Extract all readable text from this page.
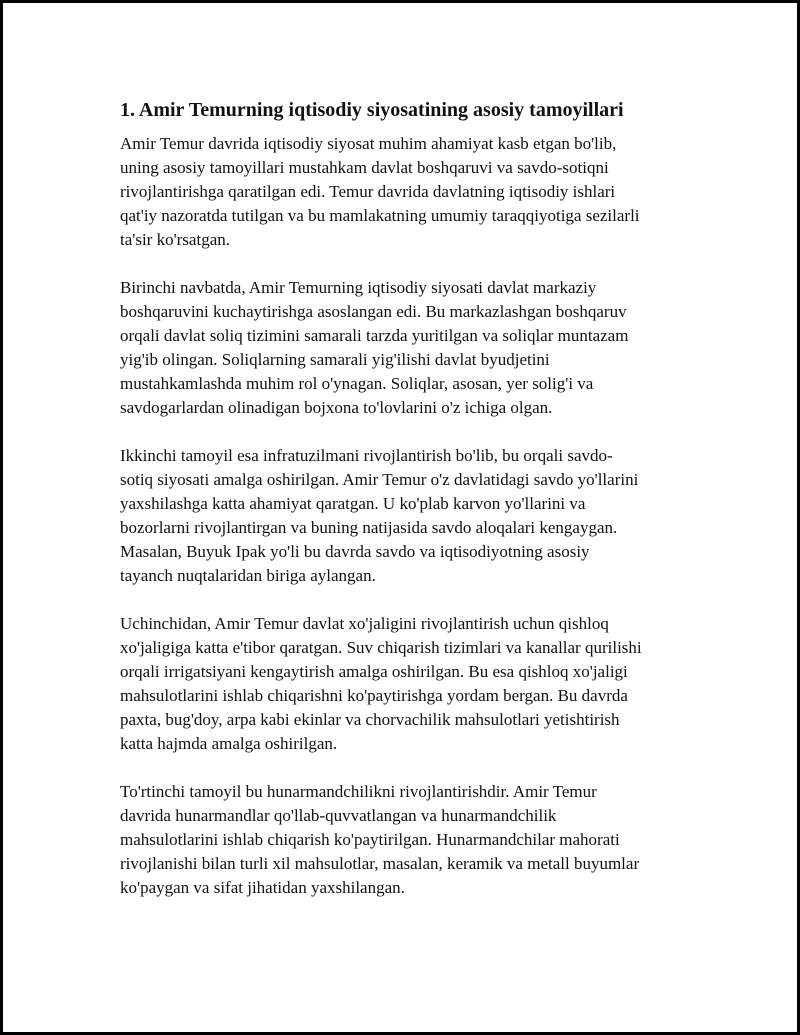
1. Amir Temurning iqtisodiy siyosatining asosiy tamoyillari

Amir Temur davrida iqtisodiy siyosat muhim ahamiyat kasb etgan bo'lib,
uning asosiy tamoyillari mustahkam davlat boshqaruvi va savdo-sotiqni
rivojlantirishga qaratilgan edi. Temur davrida davlatning iqtisodiy ishlari
qat'iy nazoratda tutilgan va bu mamlakatning umumiy taraqqiyotiga sezilarli
ta'sir ko'rsatgan.

Birinchi navbatda, Amir Temurning iqtisodiy siyosati davlat markaziy
boshqaruvini kuchaytirishga asoslangan edi. Bu markazlashgan boshqaruv
orqali davlat soliq tizimini samarali tarzda yuritilgan va soliqlar muntazam
yig'ib olingan. Soliqlarning samarali yig'ilishi davlat byudjetini
mustahkamlashda muhim rol o'ynagan. Soliqlar, asosan, yer solig'i va
savdogarlardan olinadigan bojxona to'lovlarini o'z ichiga olgan.

Ikkinchi tamoyil esa infratuzilmani rivojlantirish bo'lib, bu orqali savdo-
sotiq siyosati amalga oshirilgan. Amir Temur o'z davlatidagi savdo yo'llarini
yaxshilashga katta ahamiyat qaratgan. U ko'plab karvon yo'llarini va
bozorlarni rivojlantirgan va buning natijasida savdo aloqalari kengaygan.
Masalan, Buyuk Ipak yo'li bu davrda savdo va iqtisodiyotning asosiy
tayanch nuqtalaridan biriga aylangan.

Uchinchidan, Amir Temur davlat xo'jaligini rivojlantirish uchun qishloq
xo'jaligiga katta e'tibor qaratgan. Suv chiqarish tizimlari va kanallar qurilishi
orqali irrigatsiyani kengaytirish amalga oshirilgan. Bu esa qishloq xo'jaligi
mahsulotlarini ishlab chiqarishni ko'paytirishga yordam bergan. Bu davrda
paxta, bug'doy, arpa kabi ekinlar va chorvachilik mahsulotlari yetishtirish
katta hajmda amalga oshirilgan.

To'rtinchi tamoyil bu hunarmandchilikni rivojlantirishdir. Amir Temur
davrida hunarmandlar qo'llab-quvvatlangan va hunarmandchilik
mahsulotlarini ishlab chiqarish ko'paytirilgan. Hunarmandchilar mahorati
rivojlanishi bilan turli xil mahsulotlar, masalan, keramik va metall buyumlar
ko'paygan va sifat jihatidan yaxshilangan.
